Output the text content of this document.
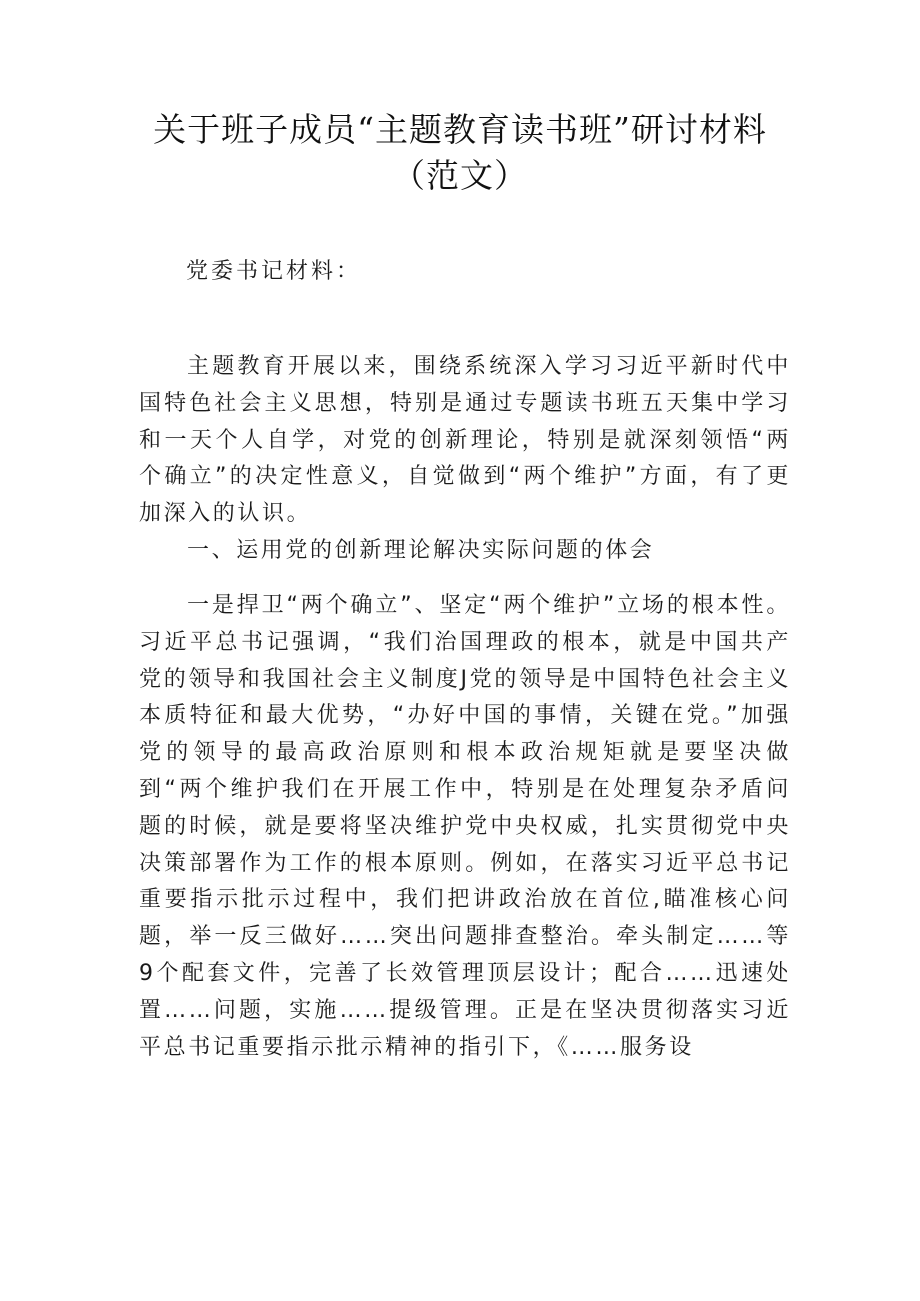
关于班子成员“主题教育读书班”研讨材料
（范文）

党委书记材料：

主题教育开展以来，围绕系统深入学习习近平新时代中国特色社会主义思想，特别是通过专题读书班五天集中学习和一天个人自学，对党的创新理论，特别是就深刻领悟“两个确立”的决定性意义，自觉做到“两个维护”方面，有了更加深入的认识。

一、运用党的创新理论解决实际问题的体会

一是捍卫“两个确立”、坚定“两个维护”立场的根本性。习近平总书记强调，“我们治国理政的根本，就是中国共产党的领导和我国社会主义制度J党的领导是中国特色社会主义本质特征和最大优势，“办好中国的事情，关键在党。”加强党的领导的最高政治原则和根本政治规矩就是要坚决做到“两个维护我们在开展工作中，特别是在处理复杂矛盾问题的时候，就是要将坚决维护党中央权威，扎实贯彻党中央决策部署作为工作的根本原则。例如，在落实习近平总书记重要指示批示过程中，我们把讲政治放在首位,瞄准核心问题，举一反三做好……突出问题排查整治。牵头制定……等9个配套文件，完善了长效管理顶层设计；配合……迅速处置……问题，实施……提级管理。正是在坚决贯彻落实习近平总书记重要指示批示精神的指引下，《……服务设
